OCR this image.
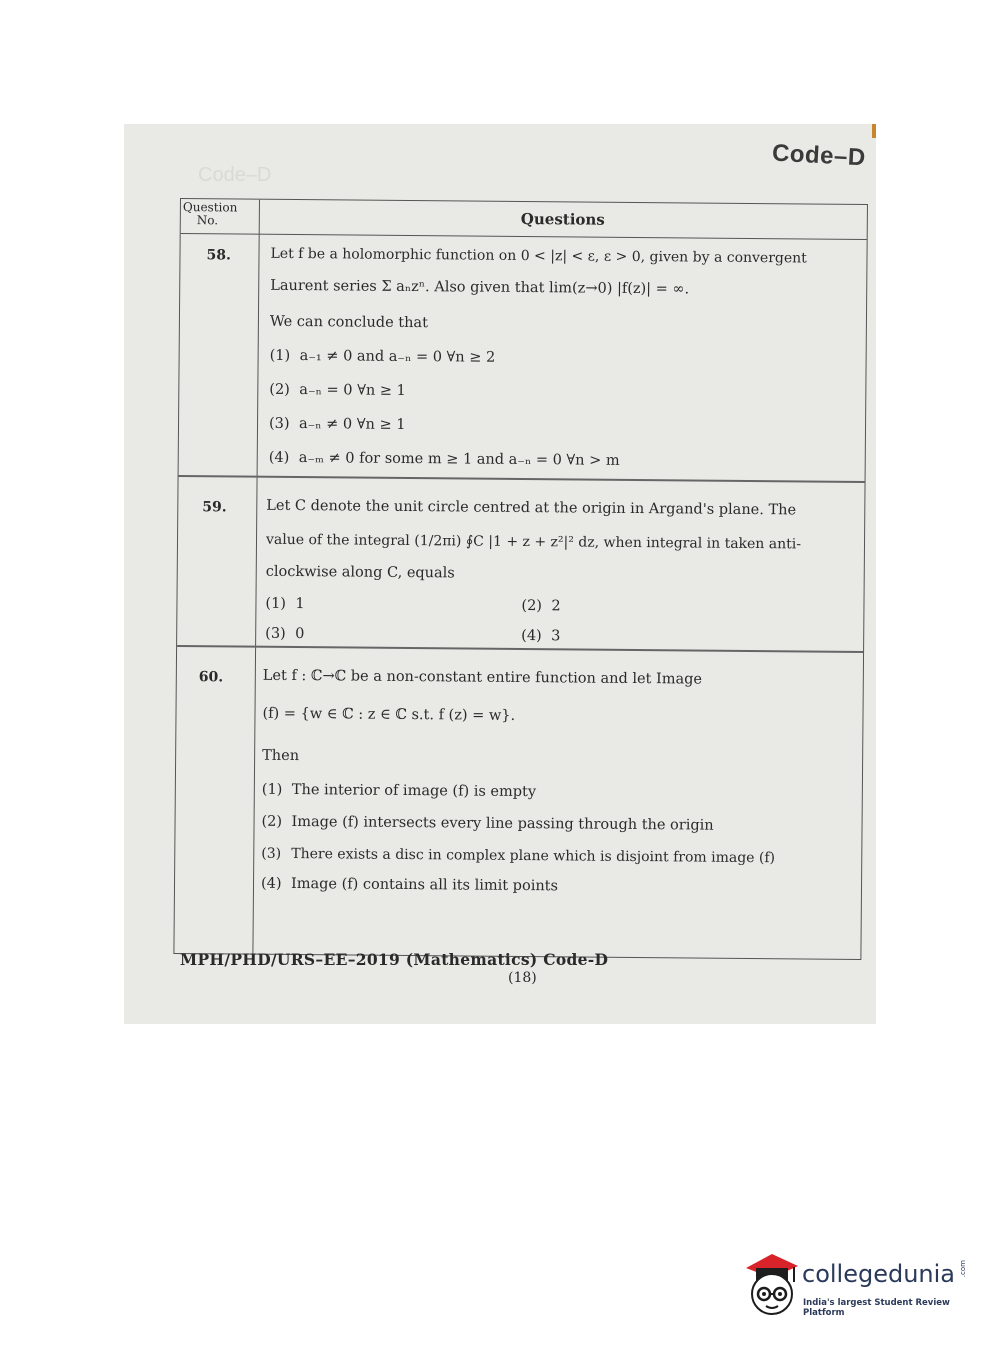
Code–D
Code–D
Question
No.	Questions
58.	Let f be a holomorphic function on 0 < |z| < ε, ε > 0, given by a convergent
Laurent series Σ aₙzⁿ. Also given that lim(z→0) |f(z)| = ∞.
We can conclude that
(1) a₋₁ ≠ 0 and a₋ₙ = 0 ∀n ≥ 2
(2) a₋ₙ = 0 ∀n ≥ 1
(3) a₋ₙ ≠ 0 ∀n ≥ 1
(4) a₋ₘ ≠ 0 for some m ≥ 1 and a₋ₙ = 0 ∀n > m
59.	Let C denote the unit circle centred at the origin in Argand's plane. The
value of the integral (1/2πi) ∮C |1 + z + z²|² dz, when integral in taken anti-
clockwise along C, equals
(1) 1	(2) 2
(3) 0	(4) 3
60.	Let f : ℂ→ℂ be a non-constant entire function and let Image
(f) = {w ∈ ℂ : z ∈ ℂ s.t. f (z) = w}.
Then
(1) The interior of image (f) is empty
(2) Image (f) intersects every line passing through the origin
(3) There exists a disc in complex plane which is disjoint from image (f)
(4) Image (f) contains all its limit points
MPH/PHD/URS–EE–2019 (Mathematics) Code-D
(18)
collegedunia .com
India's largest Student Review Platform
